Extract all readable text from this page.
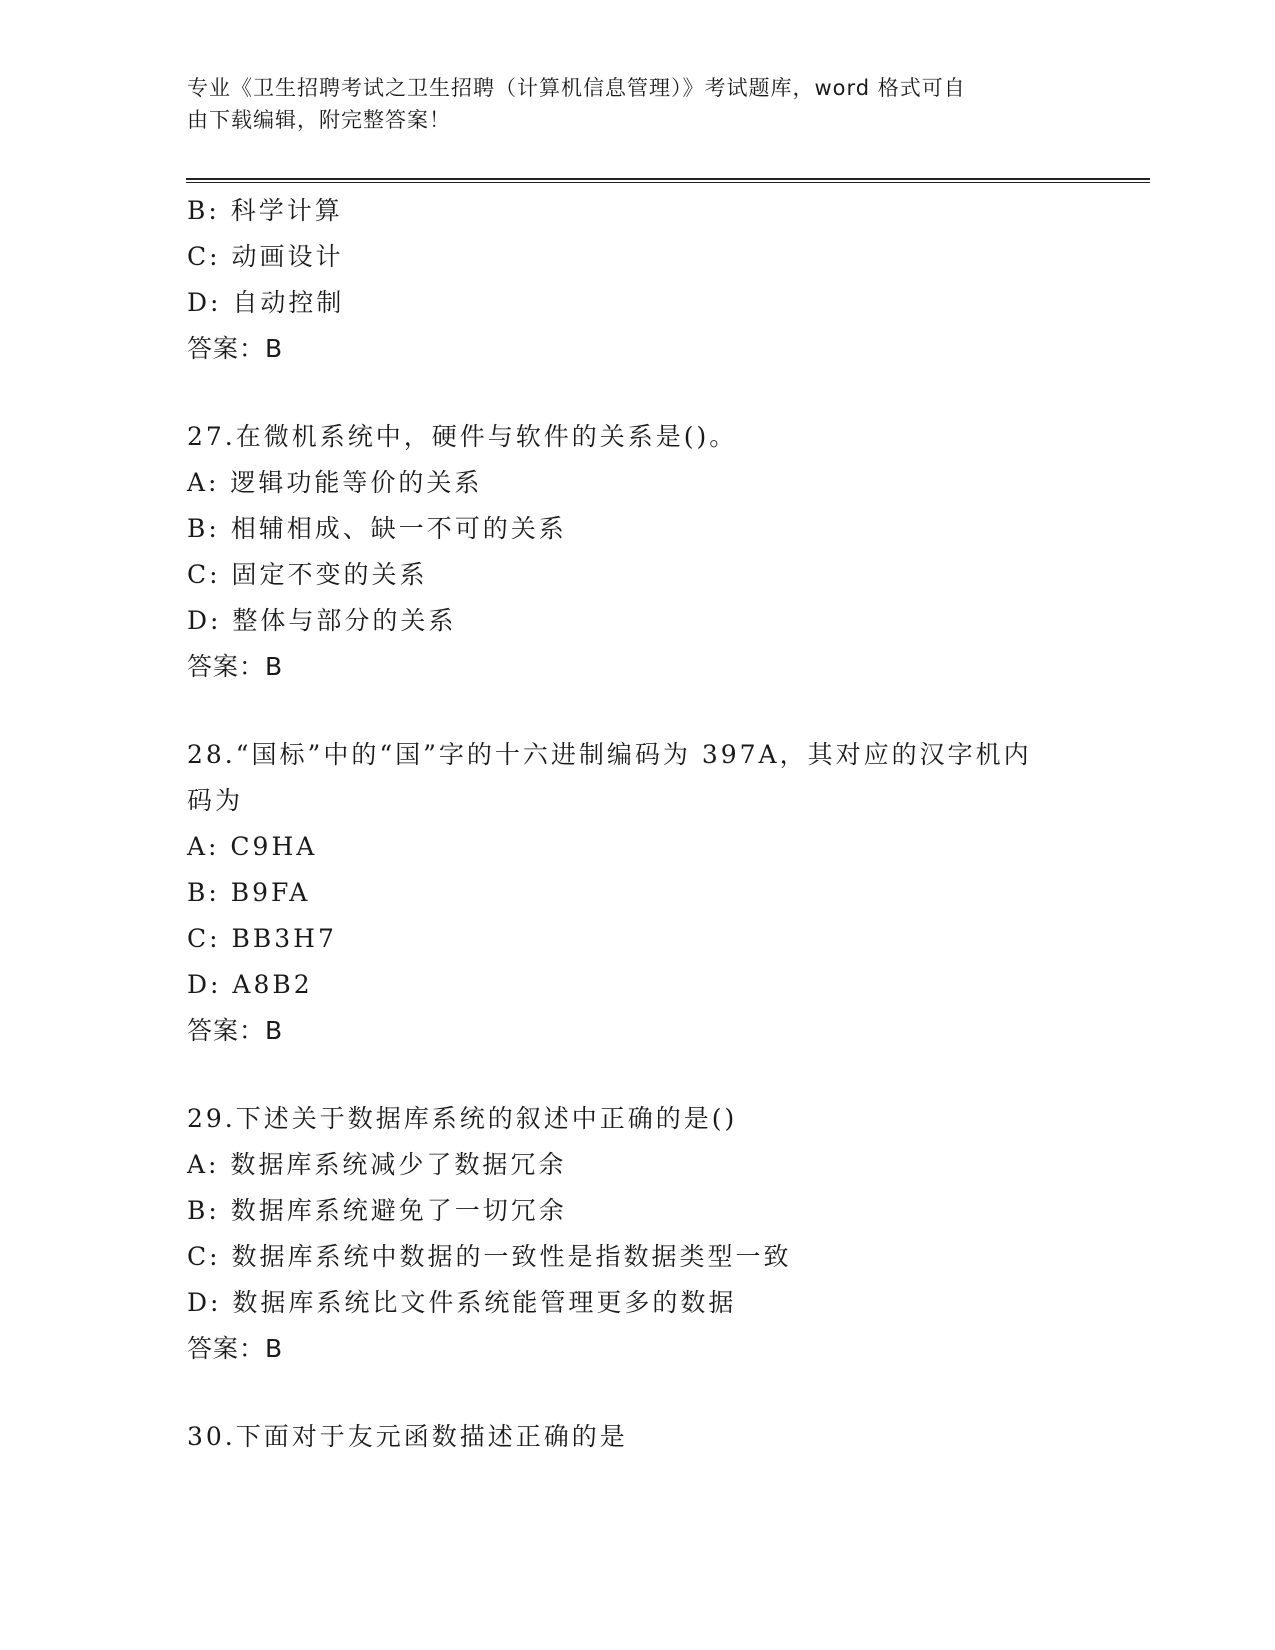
专业《卫生招聘考试之卫生招聘（计算机信息管理）》考试题库，word 格式可自
由下载编辑，附完整答案！
B: 科学计算
C: 动画设计
D: 自动控制
答案：B
27.在微机系统中，硬件与软件的关系是()。
A: 逻辑功能等价的关系
B: 相辅相成、缺一不可的关系
C: 固定不变的关系
D: 整体与部分的关系
答案：B
28.“国标”中的“国”字的十六进制编码为 397A，其对应的汉字机内
码为
A: C9HA
B: B9FA
C: BB3H7
D: A8B2
答案：B
29.下述关于数据库系统的叙述中正确的是()
A: 数据库系统减少了数据冗余
B: 数据库系统避免了一切冗余
C: 数据库系统中数据的一致性是指数据类型一致
D: 数据库系统比文件系统能管理更多的数据
答案：B
30.下面对于友元函数描述正确的是
